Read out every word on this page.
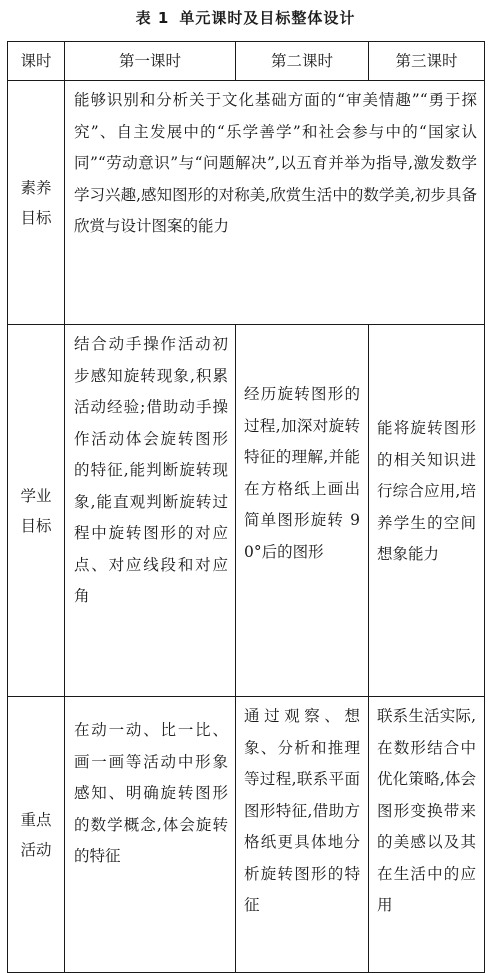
表 1 单元课时及目标整体设计
课时	第一课时	第二课时	第三课时
素养
目标	能够识别和分析关于文化基础方面的“审美情趣”“勇于探究”、自主发展中的“乐学善学”和社会参与中的“国家认同”“劳动意识”与“问题解决”,以五育并举为指导,激发数学学习兴趣,感知图形的对称美,欣赏生活中的数学美,初步具备欣赏与设计图案的能力		

学业
目标	结合动手操作活动初步感知旋转现象,积累活动经验;借助动手操作活动体会旋转图形的特征,能判断旋转现象,能直观判断旋转过程中旋转图形的对应点、对应线段和对应角	经历旋转图形的过程,加深对旋转特征的理解,并能在方格纸上画出简单图形旋转 90°后的图形	能将旋转图形的相关知识进行综合应用,培养学生的空间想象能力

重点
活动	在动一动、比一比、画一画等活动中形象感知、明确旋转图形的数学概念,体会旋转的特征	通过观察、想象、分析和推理等过程,联系平面图形特征,借助方格纸更具体地分析旋转图形的特征	联系生活实际,在数形结合中优化策略,体会图形变换带来的美感以及其在生活中的应用
